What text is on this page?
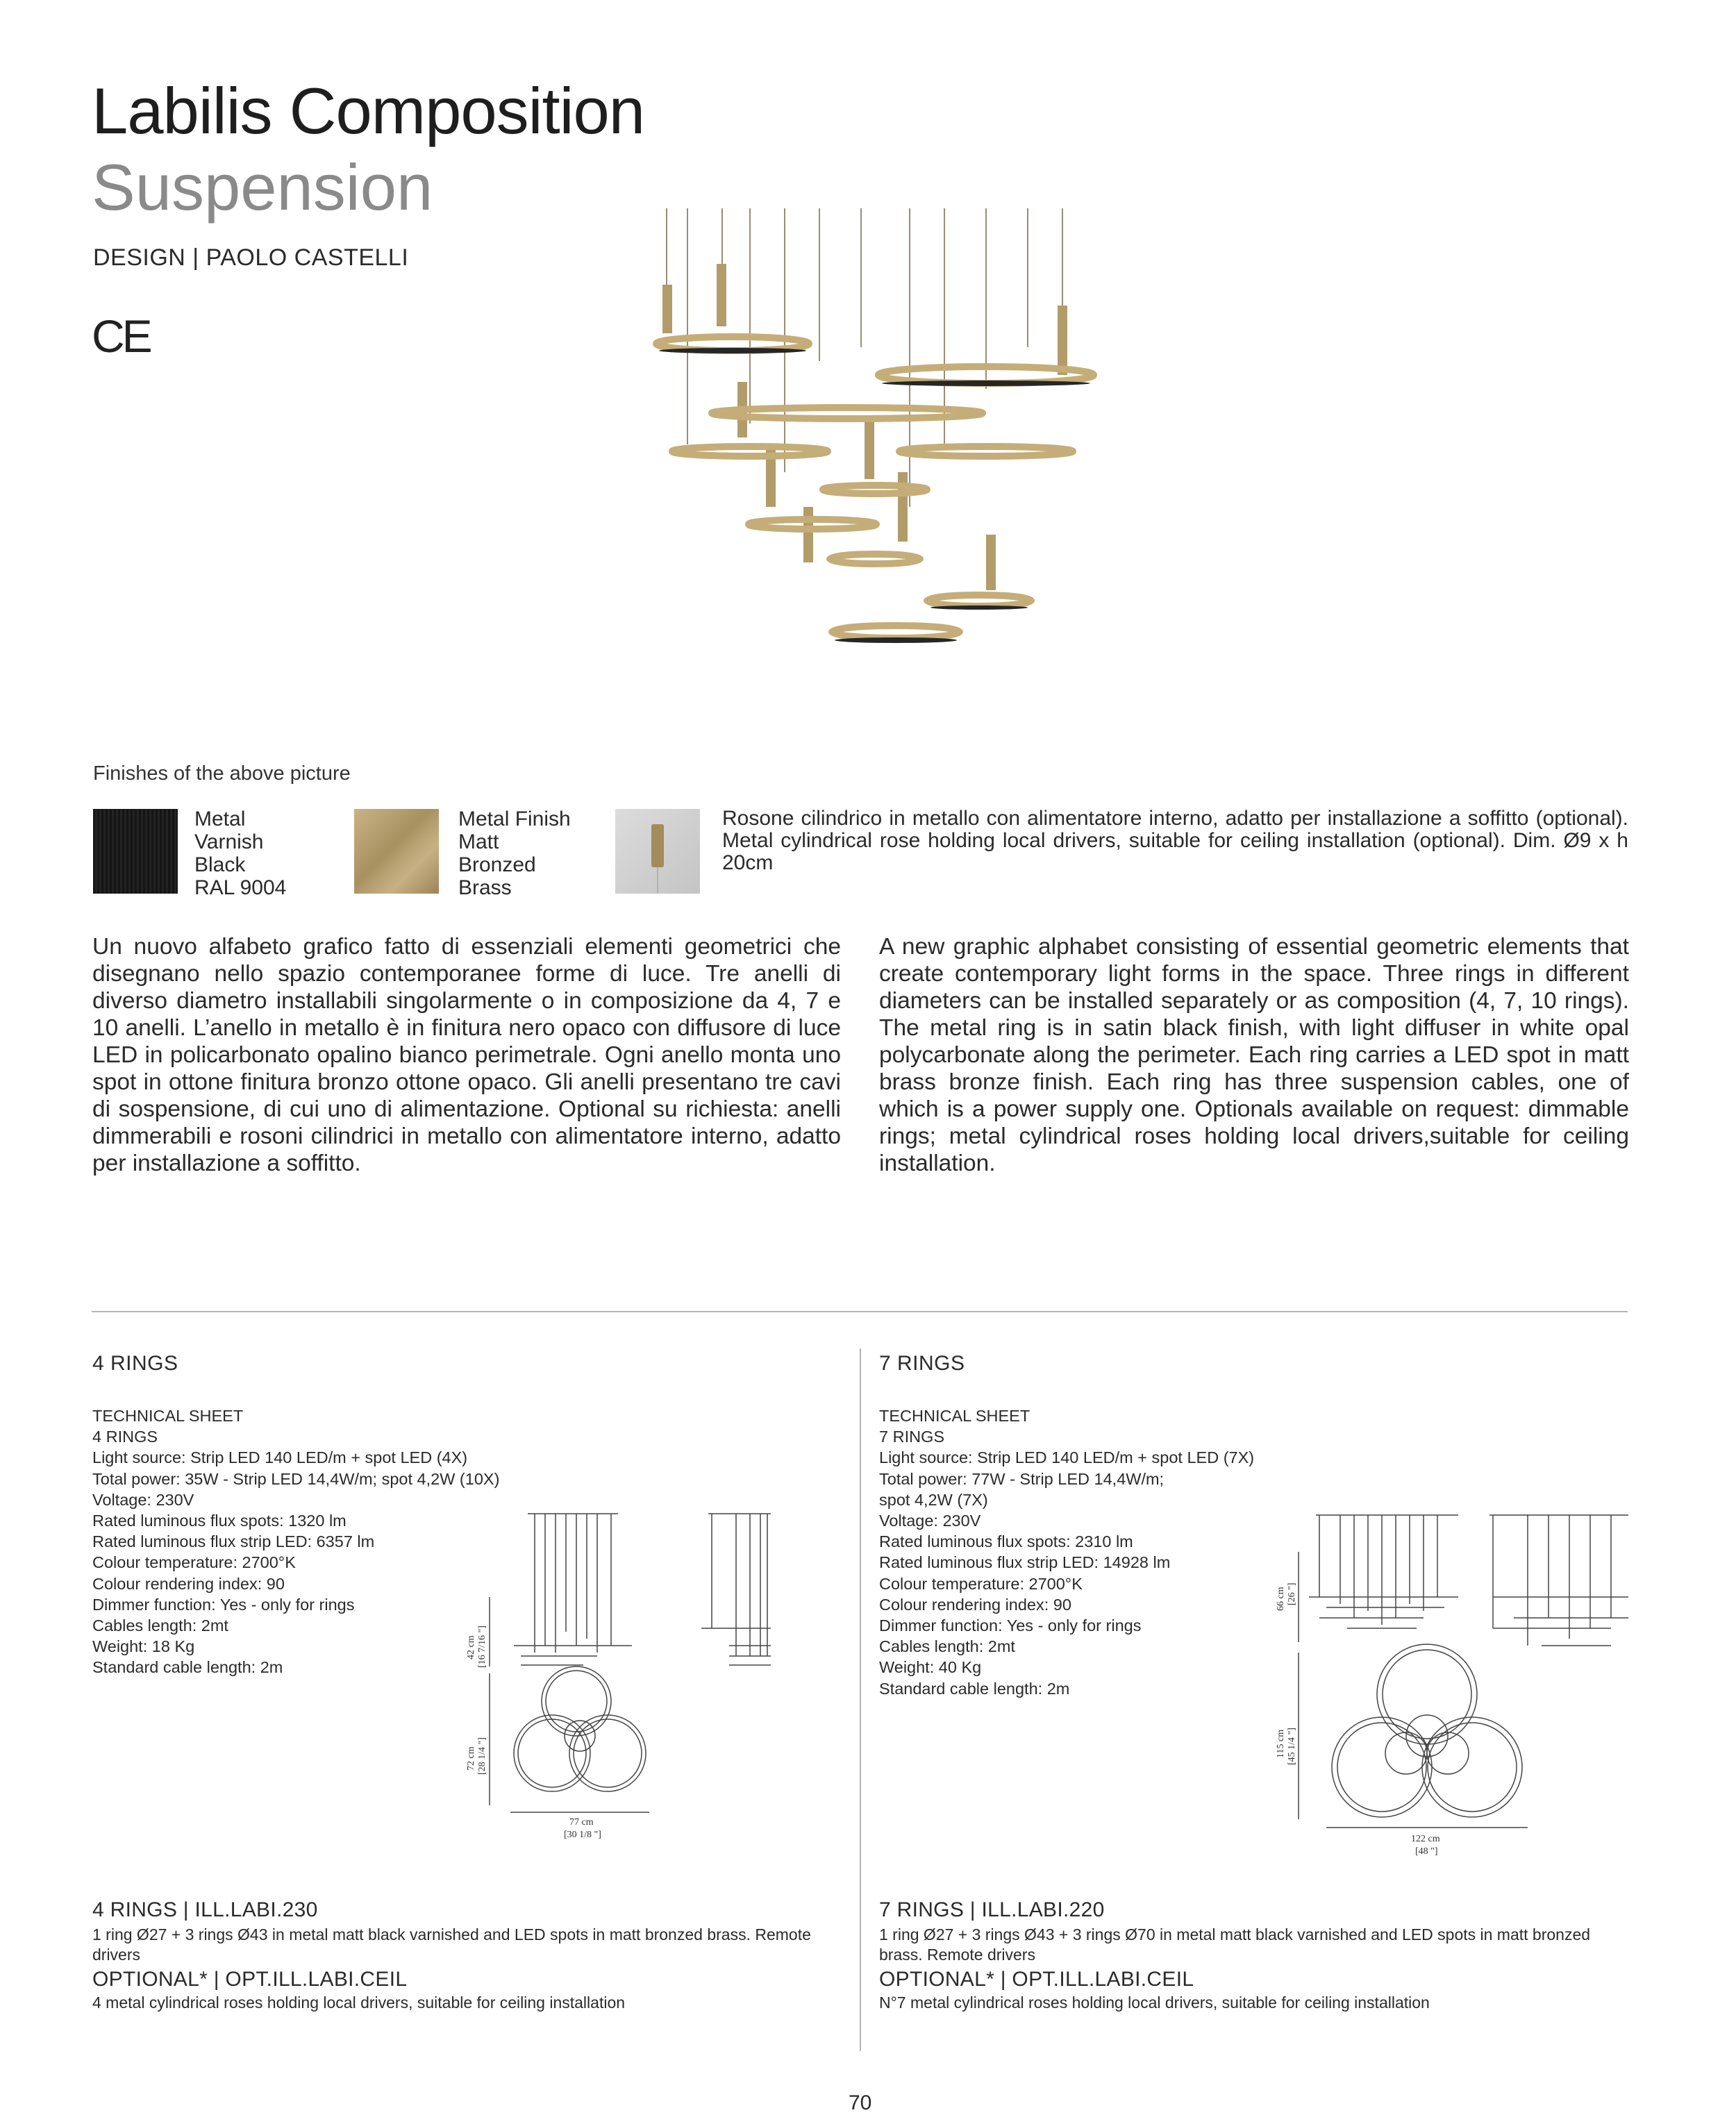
Labilis Composition
Suspension
DESIGN | PAOLO CASTELLI
CE
Finishes of the above picture
Metal
Varnish
Black
RAL 9004
Metal Finish
Matt
Bronzed
Brass
Rosone cilindrico in metallo con alimentatore interno, adatto per installazione a soffitto (optional). Metal cylindrical rose holding local drivers, suitable for ceiling installation (optional). Dim. Ø9 x h 20cm
Un nuovo alfabeto grafico fatto di essenziali elementi geometrici che disegnano nello spazio contemporanee forme di luce. Tre anelli di diverso diametro installabili singolarmente o in composizione da 4, 7 e 10 anelli. L’anello in metallo è in finitura nero opaco con diffusore di luce LED in policarbonato opalino bianco perimetrale. Ogni anello monta uno spot in ottone finitura bronzo ottone opaco. Gli anelli presentano tre cavi di sospensione, di cui uno di alimentazione. Optional su richiesta: anelli dimmerabili e rosoni cilindrici in metallo con alimentatore interno, adatto per installazione a soffitto.
A new graphic alphabet consisting of essential geometric elements that create contemporary light forms in the space. Three rings in different diameters can be installed separately or as composition (4, 7, 10 rings). The metal ring is in satin black finish, with light diffuser in white opal polycarbonate along the perimeter. Each ring carries a LED spot in matt brass bronze finish. Each ring has three suspension cables, one of which is a power supply one. Optionals available on request: dimmable rings; metal cylindrical roses holding local drivers,suitable for ceiling installation.
4 RINGS
TECHNICAL SHEET
4 RINGS
Light source: Strip LED 140 LED/m + spot LED (4X)
Total power: 35W - Strip LED 14,4W/m; spot 4,2W (10X)
Voltage: 230V
Rated luminous flux spots: 1320 lm
Rated luminous flux strip LED: 6357 lm
Colour temperature: 2700°K
Colour rendering index: 90
Dimmer function: Yes - only for rings
Cables length: 2mt
Weight: 18 Kg
Standard cable length: 2m
42 cm [16 7/16 "]
72 cm [28 1/4 "]
77 cm
[30 1/8 "]
4 RINGS | ILL.LABI.230
1 ring Ø27 + 3 rings Ø43 in metal matt black varnished and LED spots in matt bronzed brass. Remote drivers
OPTIONAL* | OPT.ILL.LABI.CEIL
4 metal cylindrical roses holding local drivers, suitable for ceiling installation
7 RINGS
TECHNICAL SHEET
7 RINGS
Light source: Strip LED 140 LED/m + spot LED (7X)
Total power: 77W - Strip LED 14,4W/m;
spot 4,2W (7X)
Voltage: 230V
Rated luminous flux spots: 2310 lm
Rated luminous flux strip LED: 14928 lm
Colour temperature: 2700°K
Colour rendering index: 90
Dimmer function: Yes - only for rings
Cables length: 2mt
Weight: 40 Kg
Standard cable length: 2m
66 cm [26 "]
115 cm [45 1/4 "]
122 cm
[48 "]
7 RINGS | ILL.LABI.220
1 ring Ø27 + 3 rings Ø43 + 3 rings Ø70 in metal matt black varnished and LED spots in matt bronzed brass. Remote drivers
OPTIONAL* | OPT.ILL.LABI.CEIL
N°7 metal cylindrical roses holding local drivers, suitable for ceiling installation
70
